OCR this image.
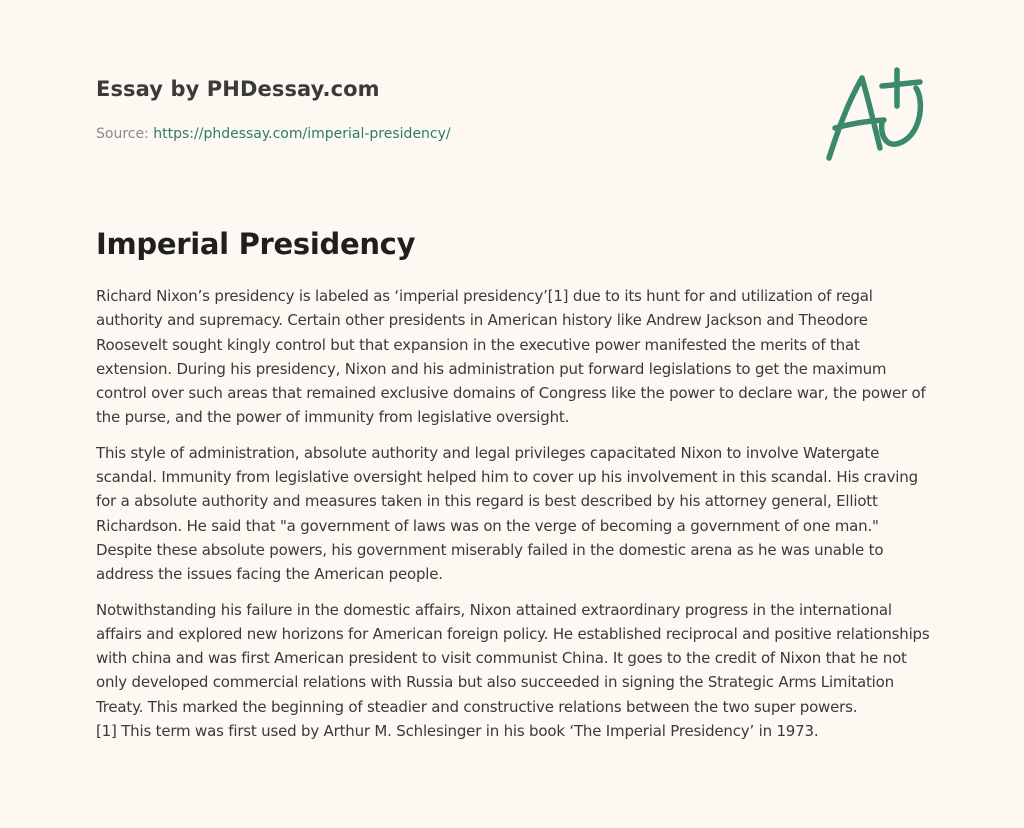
Essay by PHDessay.com
Source: https://phdessay.com/imperial-presidency/
Imperial Presidency

Richard Nixon’s presidency is labeled as ‘imperial presidency’[1] due to its hunt for and utilization of regal authority and supremacy. Certain other presidents in American history like Andrew Jackson and Theodore Roosevelt sought kingly control but that expansion in the executive power manifested the merits of that extension. During his presidency, Nixon and his administration put forward legislations to get the maximum control over such areas that remained exclusive domains of Congress like the power to declare war, the power of the purse, and the power of immunity from legislative oversight.

This style of administration, absolute authority and legal privileges capacitated Nixon to involve Watergate scandal. Immunity from legislative oversight helped him to cover up his involvement in this scandal. His craving for a absolute authority and measures taken in this regard is best described by his attorney general, Elliott Richardson. He said that "a government of laws was on the verge of becoming a government of one man." Despite these absolute powers, his government miserably failed in the domestic arena as he was unable to address the issues facing the American people.

Notwithstanding his failure in the domestic affairs, Nixon attained extraordinary progress in the international affairs and explored new horizons for American foreign policy. He established reciprocal and positive relationships with china and was first American president to visit communist China. It goes to the credit of Nixon that he not only developed commercial relations with Russia but also succeeded in signing the Strategic Arms Limitation Treaty. This marked the beginning of steadier and constructive relations between the two super powers.

[1] This term was first used by Arthur M. Schlesinger in his book ‘The Imperial Presidency’ in 1973.
